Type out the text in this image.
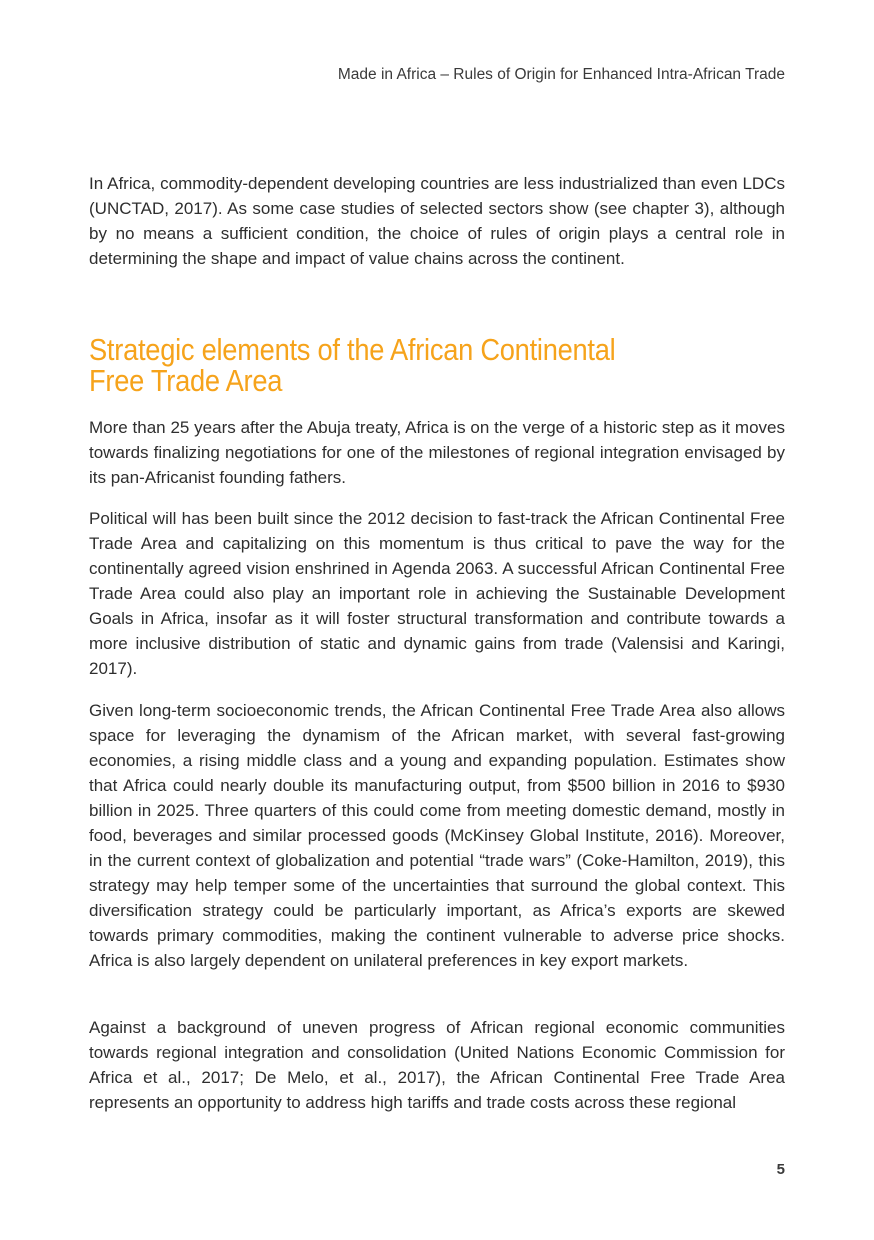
Made in Africa – Rules of Origin for Enhanced Intra-African Trade

In Africa, commodity-dependent developing countries are less industrialized than even LDCs (UNCTAD, 2017). As some case studies of selected sectors show (see chapter 3), although by no means a sufficient condition, the choice of rules of origin plays a central role in determining the shape and impact of value chains across the continent.

Strategic elements of the African Continental
Free Trade Area

More than 25 years after the Abuja treaty, Africa is on the verge of a historic step as it moves towards finalizing negotiations for one of the milestones of regional integration envisaged by its pan-Africanist founding fathers.

Political will has been built since the 2012 decision to fast-track the African Continental Free Trade Area and capitalizing on this momentum is thus critical to pave the way for the continentally agreed vision enshrined in Agenda 2063. A successful African Continental Free Trade Area could also play an important role in achieving the Sustainable Development Goals in Africa, insofar as it will foster structural transformation and contribute towards a more inclusive distribution of static and dynamic gains from trade (Valensisi and Karingi, 2017).

Given long-term socioeconomic trends, the African Continental Free Trade Area also allows space for leveraging the dynamism of the African market, with several fast-growing economies, a rising middle class and a young and expanding population. Estimates show that Africa could nearly double its manufacturing output, from $500 billion in 2016 to $930 billion in 2025. Three quarters of this could come from meeting domestic demand, mostly in food, beverages and similar processed goods (McKinsey Global Institute, 2016). Moreover, in the current context of globalization and potential “trade wars” (Coke-Hamilton, 2019), this strategy may help temper some of the uncertainties that surround the global context. This diversification strategy could be particularly important, as Africa’s exports are skewed towards primary commodities, making the continent vulnerable to adverse price shocks. Africa is also largely dependent on unilateral preferences in key export markets.

Against a background of uneven progress of African regional economic communities towards regional integration and consolidation (United Nations Economic Commission for Africa et al., 2017; De Melo, et al., 2017), the African Continental Free Trade Area represents an opportunity to address high tariffs and trade costs across these regional

5
